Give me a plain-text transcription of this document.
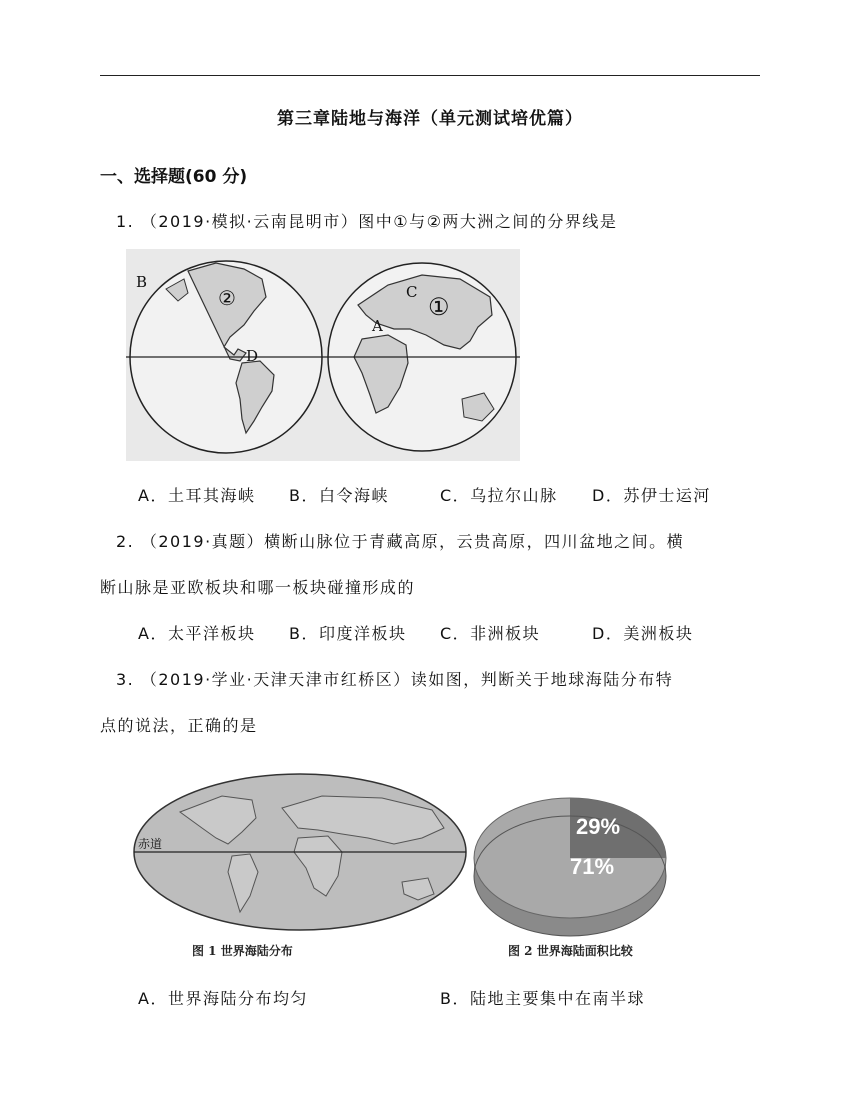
第三章陆地与海洋（单元测试培优篇）
一、选择题(60 分)
1. （2019·模拟·云南昆明市）图中①与②两大洲之间的分界线是
B
②
D
C
A
①
A．土耳其海峡 B．白令海峡	C．乌拉尔山脉 D．苏伊士运河
2. （2019·真题）横断山脉位于青藏高原，云贵高原，四川盆地之间。横
断山脉是亚欧板块和哪一板块碰撞形成的
A．太平洋板块 B．印度洋板块 C．非洲板块	D．美洲板块
3. （2019·学业·天津天津市红桥区）读如图，判断关于地球海陆分布特
点的说法，正确的是
赤道
29%
71%
图 1 世界海陆分布	图 2 世界海陆面积比较
A．世界海陆分布均匀	B．陆地主要集中在南半球
